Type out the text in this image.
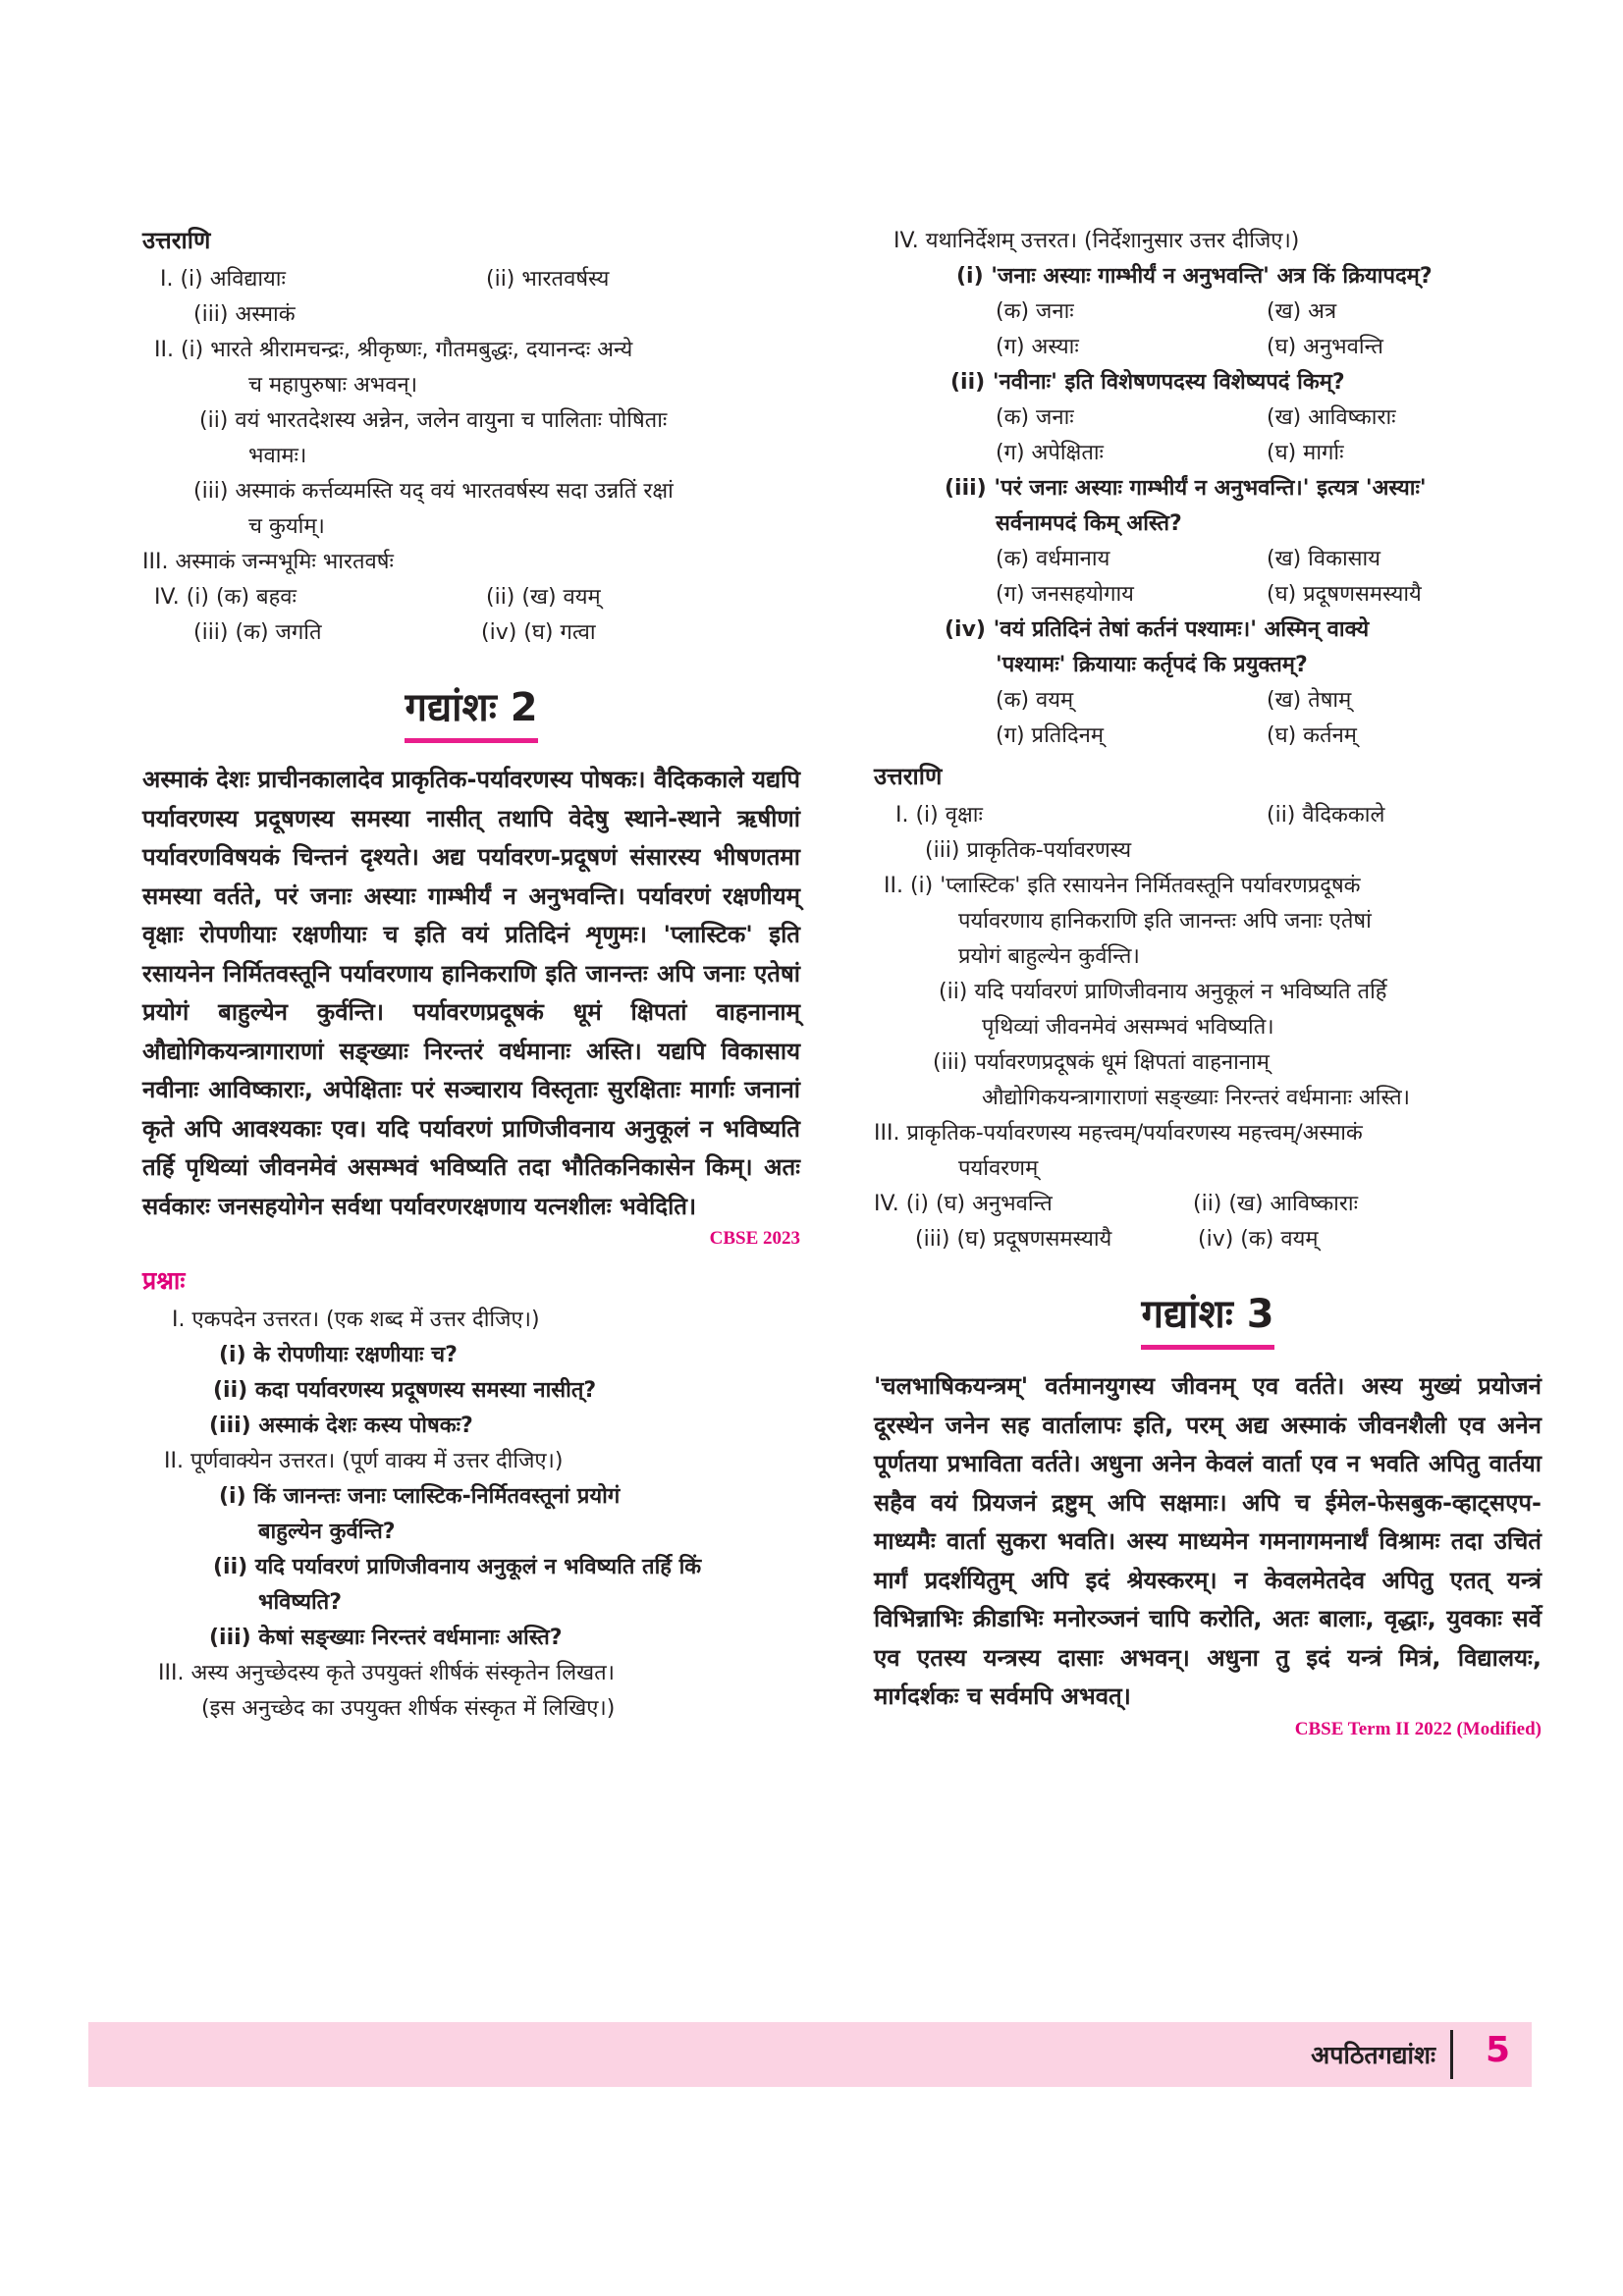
उत्तराणि
I. (i) अविद्यायाः	(ii) भारतवर्षस्य
(iii) अस्माकं
II. (i) भारते श्रीरामचन्द्रः, श्रीकृष्णः, गौतमबुद्धः, दयानन्दः अन्ये
च महापुरुषाः अभवन्।
(ii) वयं भारतदेशस्य अन्नेन, जलेन वायुना च पालिताः पोषिताः
भवामः।
(iii) अस्माकं कर्त्तव्यमस्ति यद् वयं भारतवर्षस्य सदा उन्नतिं रक्षां
च कुर्याम्।
III. अस्माकं जन्मभूमिः भारतवर्षः
IV. (i) (क) बहवः	(ii) (ख) वयम्
(iii) (क) जगति	(iv) (घ) गत्वा
गद्यांशः 2

अस्माकं देशः प्राचीनकालादेव प्राकृतिक-पर्यावरणस्य पोषकः। वैदिककाले यद्यपि पर्यावरणस्य प्रदूषणस्य समस्या नासीत् तथापि वेदेषु स्थाने-स्थाने ऋषीणां पर्यावरणविषयकं चिन्तनं दृश्यते। अद्य पर्यावरण-प्रदूषणं संसारस्य भीषणतमा समस्या वर्तते, परं जनाः अस्याः गाम्भीर्यं न अनुभवन्ति। पर्यावरणं रक्षणीयम् वृक्षाः रोपणीयाः रक्षणीयाः च इति वयं प्रतिदिनं शृणुमः। 'प्लास्टिक' इति रसायनेन निर्मितवस्तूनि पर्यावरणाय हानिकराणि इति जानन्तः अपि जनाः एतेषां प्रयोगं बाहुल्येन कुर्वन्ति। पर्यावरणप्रदूषकं धूमं क्षिपतां वाहनानाम् औद्योगिकयन्त्रागाराणां सङ्ख्याः निरन्तरं वर्धमानाः अस्ति। यद्यपि विकासाय नवीनाः आविष्काराः, अपेक्षिताः परं सञ्चाराय विस्तृताः सुरक्षिताः मार्गाः जनानां कृते अपि आवश्यकाः एव। यदि पर्यावरणं प्राणिजीवनाय अनुकूलं न भविष्यति तर्हि पृथिव्यां जीवनमेवं असम्भवं भविष्यति तदा भौतिकनिकासेन किम्। अतः सर्वकारः जनसहयोगेन सर्वथा पर्यावरणरक्षणाय यत्नशीलः भवेदिति।

CBSE 2023
प्रश्नाः
I. एकपदेन उत्तरत। (एक शब्द में उत्तर दीजिए।)
(i) के रोपणीयाः रक्षणीयाः च?
(ii) कदा पर्यावरणस्य प्रदूषणस्य समस्या नासीत्?
(iii) अस्माकं देशः कस्य पोषकः?
II. पूर्णवाक्येन उत्तरत। (पूर्ण वाक्य में उत्तर दीजिए।)
(i) किं जानन्तः जनाः प्लास्टिक-निर्मितवस्तूनां प्रयोगं
बाहुल्येन कुर्वन्ति?
(ii) यदि पर्यावरणं प्राणिजीवनाय अनुकूलं न भविष्यति तर्हि किं
भविष्यति?
(iii) केषां सङ्ख्याः निरन्तरं वर्धमानाः अस्ति?
III. अस्य अनुच्छेदस्य कृते उपयुक्तं शीर्षकं संस्कृतेन लिखत।
(इस अनुच्छेद का उपयुक्त शीर्षक संस्कृत में लिखिए।)
IV. यथानिर्देशम् उत्तरत। (निर्देशानुसार उत्तर दीजिए।)
(i) 'जनाः अस्याः गाम्भीर्यं न अनुभवन्ति' अत्र किं क्रियापदम्?
(क) जनाः	(ख) अत्र
(ग) अस्याः	(घ) अनुभवन्ति
(ii) 'नवीनाः' इति विशेषणपदस्य विशेष्यपदं किम्?
(क) जनाः	(ख) आविष्काराः
(ग) अपेक्षिताः	(घ) मार्गाः
(iii) 'परं जनाः अस्याः गाम्भीर्यं न अनुभवन्ति।' इत्यत्र 'अस्याः'
सर्वनामपदं किम् अस्ति?
(क) वर्धमानाय	(ख) विकासाय
(ग) जनसहयोगाय	(घ) प्रदूषणसमस्यायै
(iv) 'वयं प्रतिदिनं तेषां कर्तनं पश्यामः।' अस्मिन् वाक्ये
'पश्यामः' क्रियायाः कर्तृपदं कि प्रयुक्तम्?
(क) वयम्	(ख) तेषाम्
(ग) प्रतिदिनम्	(घ) कर्तनम्
उत्तराणि
I. (i) वृक्षाः	(ii) वैदिककाले
(iii) प्राकृतिक-पर्यावरणस्य
II. (i) 'प्लास्टिक' इति रसायनेन निर्मितवस्तूनि पर्यावरणप्रदूषकं
पर्यावरणाय हानिकराणि इति जानन्तः अपि जनाः एतेषां
प्रयोगं बाहुल्येन कुर्वन्ति।
(ii) यदि पर्यावरणं प्राणिजीवनाय अनुकूलं न भविष्यति तर्हि
पृथिव्यां जीवनमेवं असम्भवं भविष्यति।
(iii) पर्यावरणप्रदूषकं धूमं क्षिपतां वाहनानाम्
औद्योगिकयन्त्रागाराणां सङ्ख्याः निरन्तरं वर्धमानाः अस्ति।
III. प्राकृतिक-पर्यावरणस्य महत्त्वम्/पर्यावरणस्य महत्त्वम्/अस्माकं
पर्यावरणम्
IV. (i) (घ) अनुभवन्ति	(ii) (ख) आविष्काराः
(iii) (घ) प्रदूषणसमस्यायै	(iv) (क) वयम्
गद्यांशः 3

'चलभाषिकयन्त्रम्' वर्तमानयुगस्य जीवनम् एव वर्तते। अस्य मुख्यं प्रयोजनं दूरस्थेन जनेन सह वार्तालापः इति, परम् अद्य अस्माकं जीवनशैली एव अनेन पूर्णतया प्रभाविता वर्तते। अधुना अनेन केवलं वार्ता एव न भवति अपितु वार्तया सहैव वयं प्रियजनं द्रष्टुम् अपि सक्षमाः। अपि च ईमेल-फेसबुक-व्हाट्सएप-माध्यमैः वार्ता सुकरा भवति। अस्य माध्यमेन गमनागमनार्थं विश्रामः तदा उचितं मार्गं प्रदर्शयितुम् अपि इदं श्रेयस्करम्। न केवलमेतदेव अपितु एतत् यन्त्रं विभिन्नाभिः क्रीडाभिः मनोरञ्जनं चापि करोति, अतः बालाः, वृद्धाः, युवकाः सर्वे एव एतस्य यन्त्रस्य दासाः अभवन्। अधुना तु इदं यन्त्रं मित्रं, विद्यालयः, मार्गदर्शकः च सर्वमपि अभवत्।

CBSE Term II 2022 (Modified)
अपठितगद्यांशः 5
